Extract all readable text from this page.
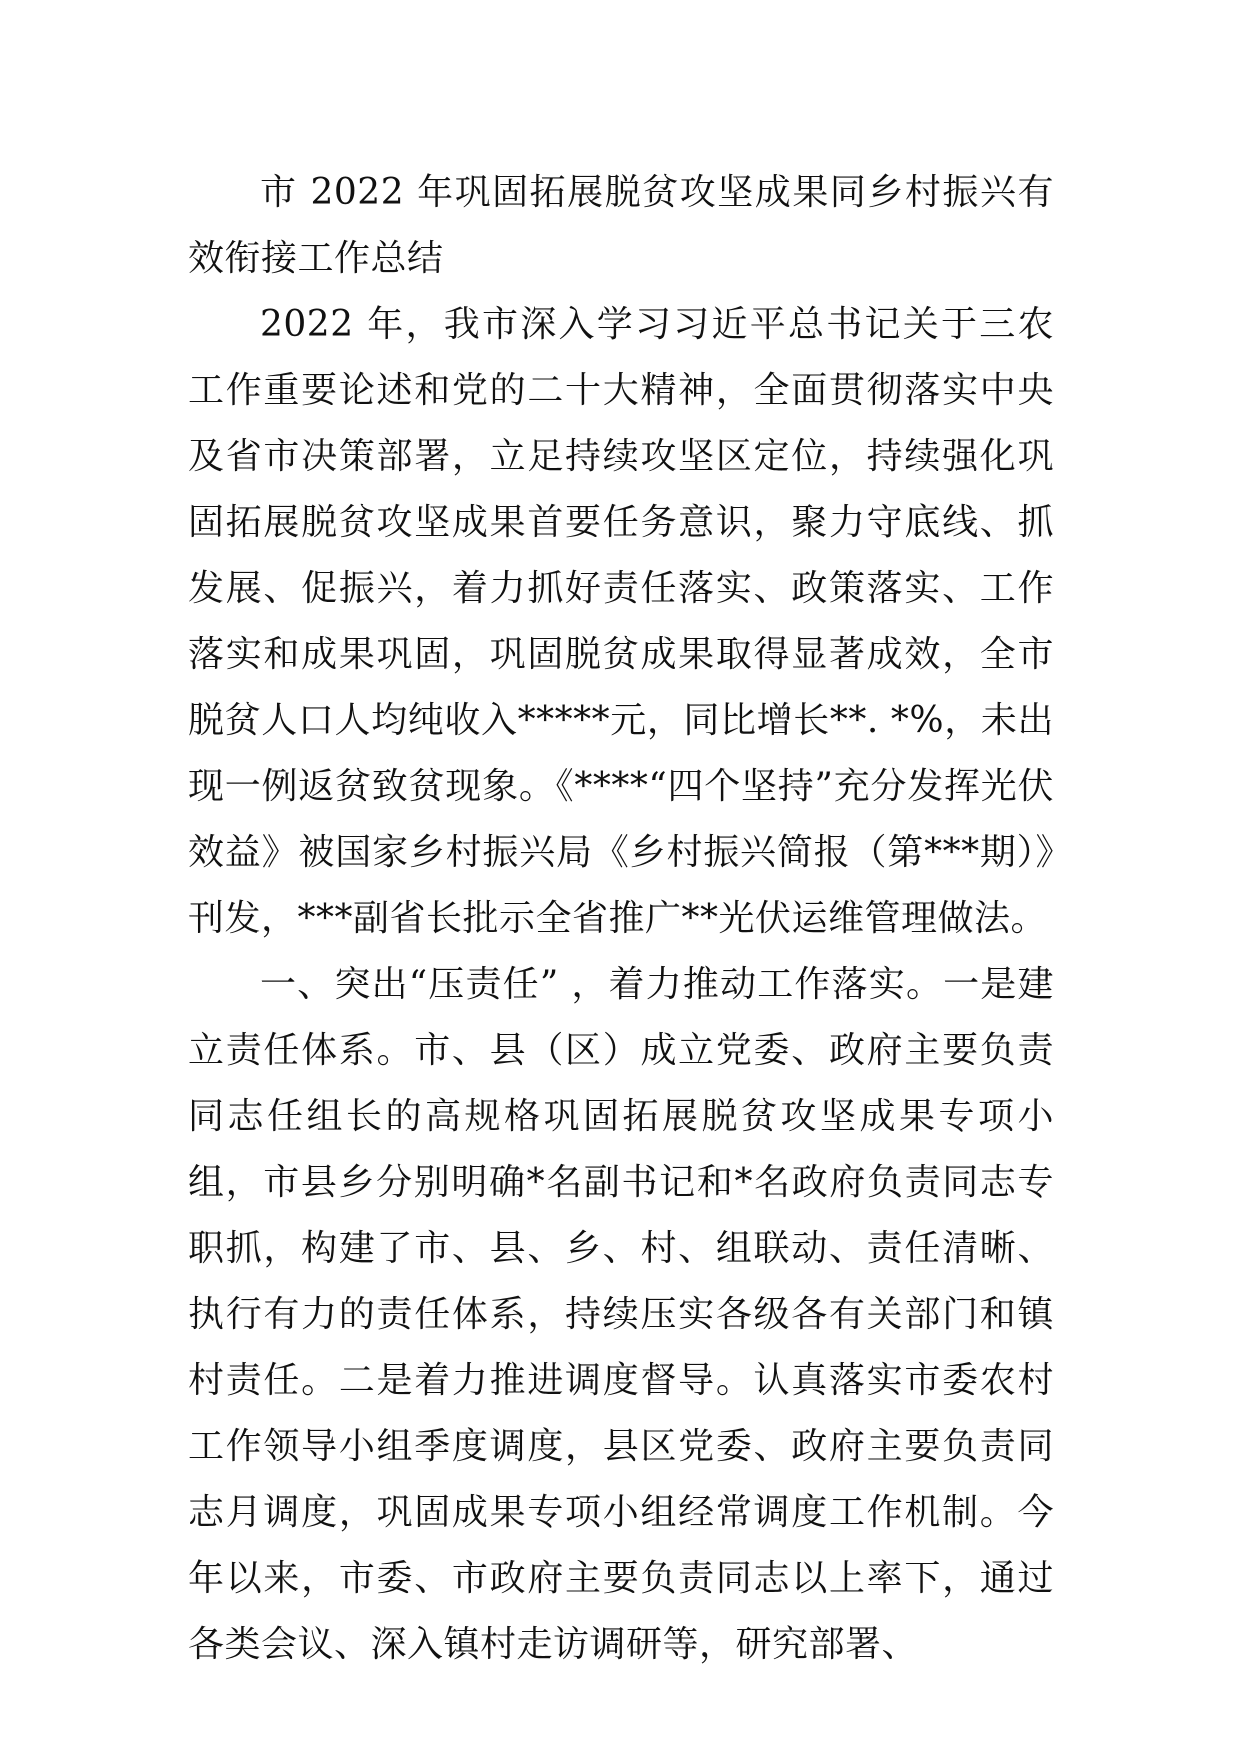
市 2022 年巩固拓展脱贫攻坚成果同乡村振兴有效衔接工作总结

2022 年，我市深入学习习近平总书记关于三农工作重要论述和党的二十大精神，全面贯彻落实中央及省市决策部署，立足持续攻坚区定位，持续强化巩固拓展脱贫攻坚成果首要任务意识，聚力守底线、抓发展、促振兴，着力抓好责任落实、政策落实、工作落实和成果巩固，巩固脱贫成果取得显著成效，全市脱贫人口人均纯收入*****元，同比增长**. *%，未出现一例返贫致贫现象。《****“四个坚持”充分发挥光伏效益》被国家乡村振兴局《乡村振兴简报（第***期）》刊发，***副省长批示全省推广**光伏运维管理做法。

一、突出“压责任” ，着力推动工作落实。一是建立责任体系。市、县（区）成立党委、政府主要负责同志任组长的高规格巩固拓展脱贫攻坚成果专项小组，市县乡分别明确*名副书记和*名政府负责同志专职抓，构建了市、县、乡、村、组联动、责任清晰、执行有力的责任体系，持续压实各级各有关部门和镇村责任。二是着力推进调度督导。认真落实市委农村工作领导小组季度调度，县区党委、政府主要负责同志月调度，巩固成果专项小组经常调度工作机制。今年以来，市委、市政府主要负责同志以上率下，通过各类会议、深入镇村走访调研等，研究部署、
